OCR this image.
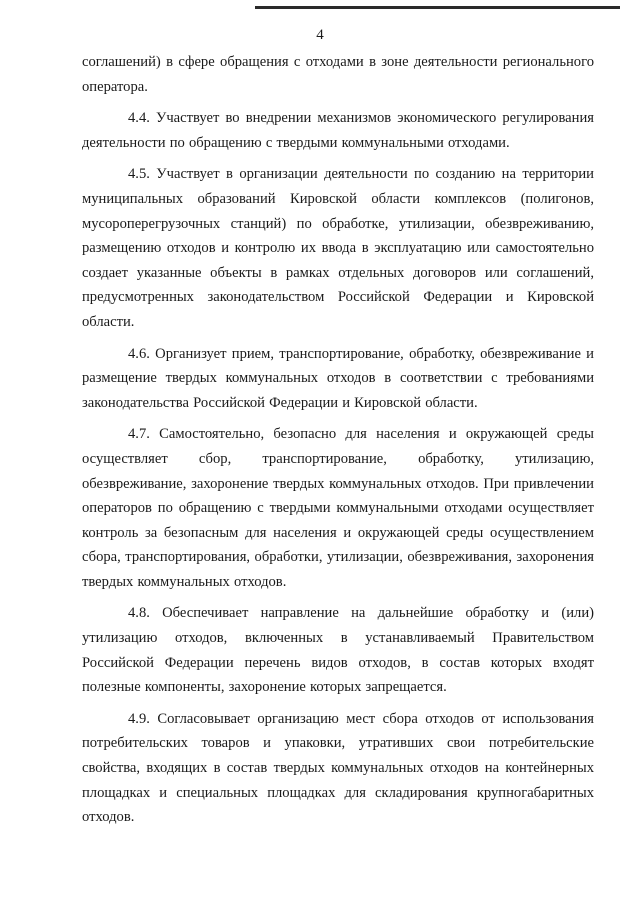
4

соглашений) в сфере обращения с отходами в зоне деятельности регионального оператора.

4.4. Участвует во внедрении механизмов экономического регулирования деятельности по обращению с твердыми коммунальными отходами.

4.5. Участвует в организации деятельности по созданию на территории муниципальных образований Кировской области комплексов (полигонов, мусороперегрузочных станций) по обработке, утилизации, обезвреживанию, размещению отходов и контролю их ввода в эксплуатацию или самостоятельно создает указанные объекты в рамках отдельных договоров или соглашений, предусмотренных законодательством Российской Федерации и Кировской области.

4.6. Организует прием, транспортирование, обработку, обезвреживание и размещение твердых коммунальных отходов в соответствии с требованиями законодательства Российской Федерации и Кировской области.

4.7. Самостоятельно, безопасно для населения и окружающей среды осуществляет сбор, транспортирование, обработку, утилизацию, обезвреживание, захоронение твердых коммунальных отходов. При привлечении операторов по обращению с твердыми коммунальными отходами осуществляет контроль за безопасным для населения и окружающей среды осуществлением сбора, транспортирования, обработки, утилизации, обезвреживания, захоронения твердых коммунальных отходов.

4.8. Обеспечивает направление на дальнейшие обработку и (или) утилизацию отходов, включенных в устанавливаемый Правительством Российской Федерации перечень видов отходов, в состав которых входят полезные компоненты, захоронение которых запрещается.

4.9. Согласовывает организацию мест сбора отходов от использования потребительских товаров и упаковки, утративших свои потребительские свойства, входящих в состав твердых коммунальных отходов на контейнерных площадках и специальных площадках для складирования крупногабаритных отходов.
